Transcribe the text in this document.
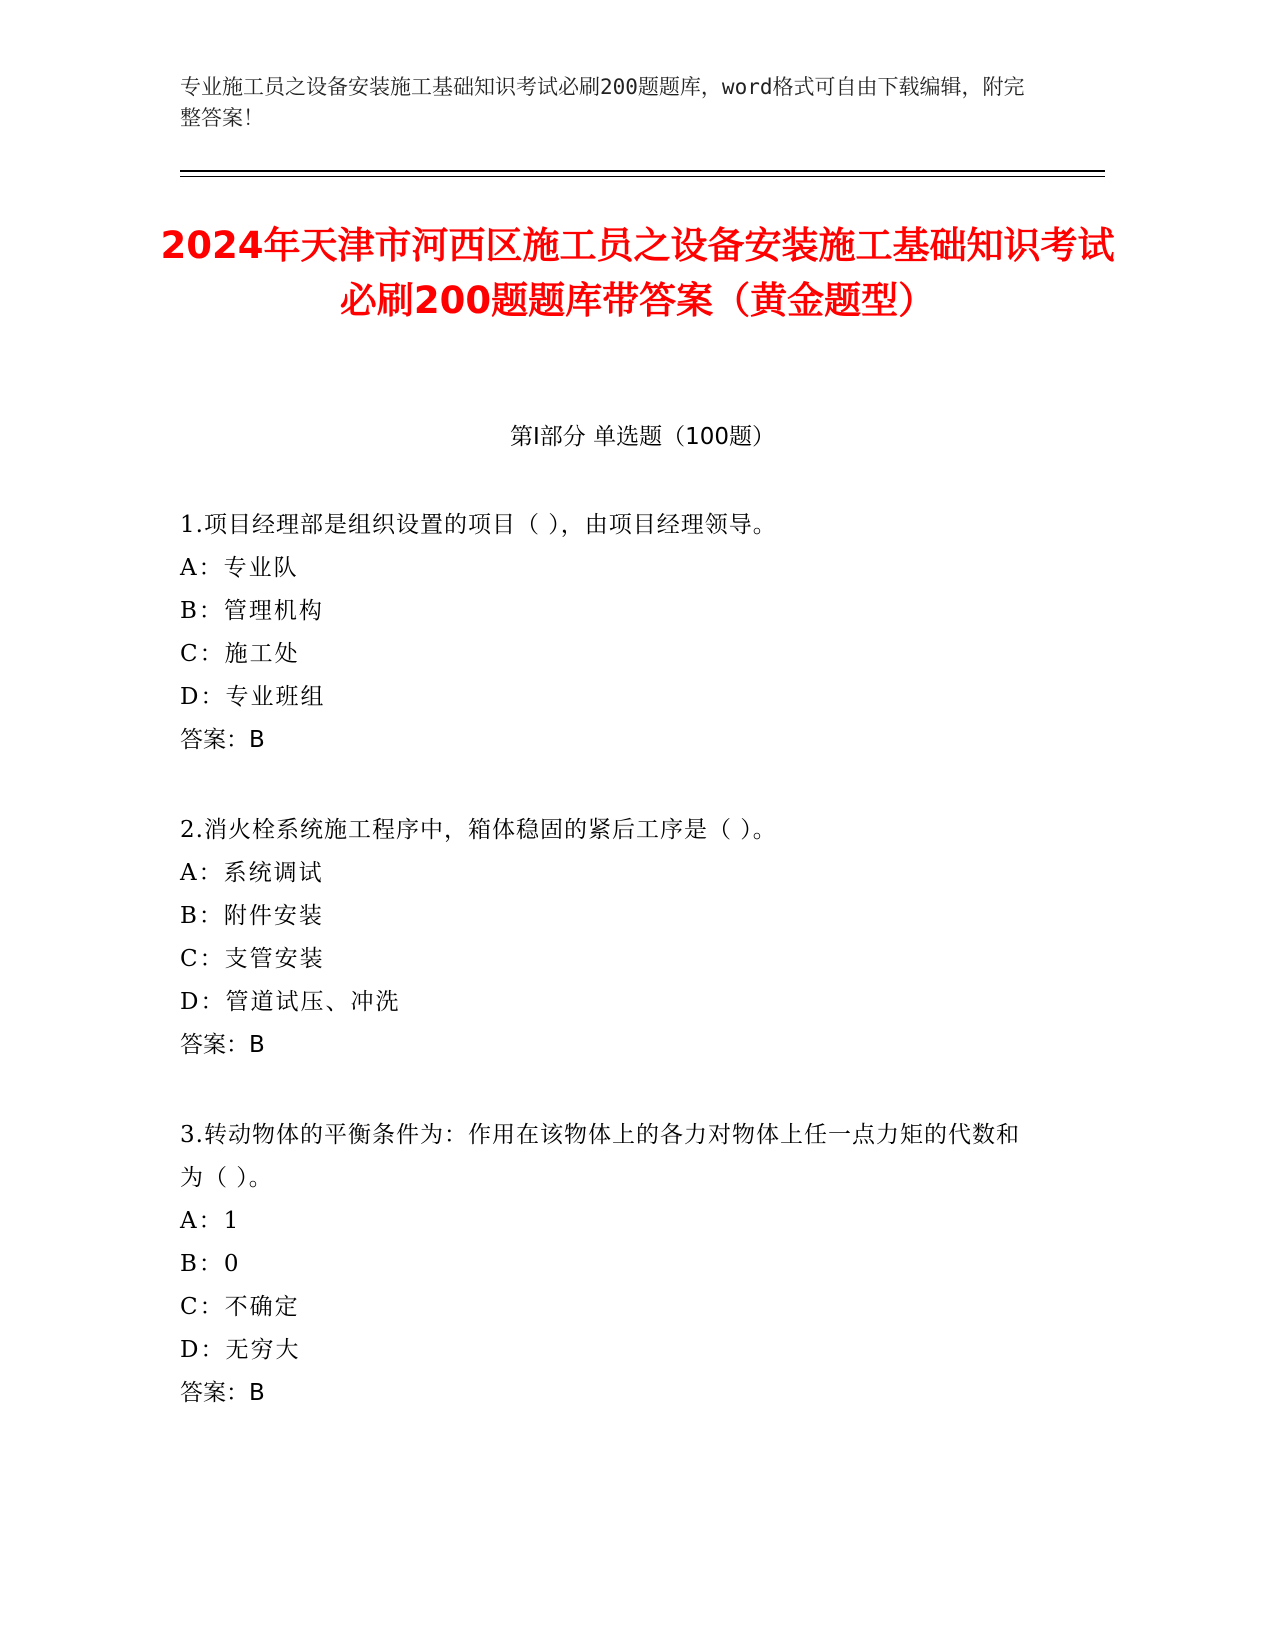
专业施工员之设备安装施工基础知识考试必刷200题题库，word格式可自由下载编辑，附完整答案！
2024年天津市河西区施工员之设备安装施工基础知识考试必刷200题题库带答案（黄金题型）
第I部分 单选题（100题）
1.项目经理部是组织设置的项目（ ），由项目经理领导。
A：专业队
B：管理机构
C：施工处
D：专业班组
答案：B
2.消火栓系统施工程序中，箱体稳固的紧后工序是（ ）。
A：系统调试
B：附件安装
C：支管安装
D：管道试压、冲洗
答案：B
3.转动物体的平衡条件为：作用在该物体上的各力对物体上任一点力矩的代数和为（ ）。
A：1
B：0
C：不确定
D：无穷大
答案：B
